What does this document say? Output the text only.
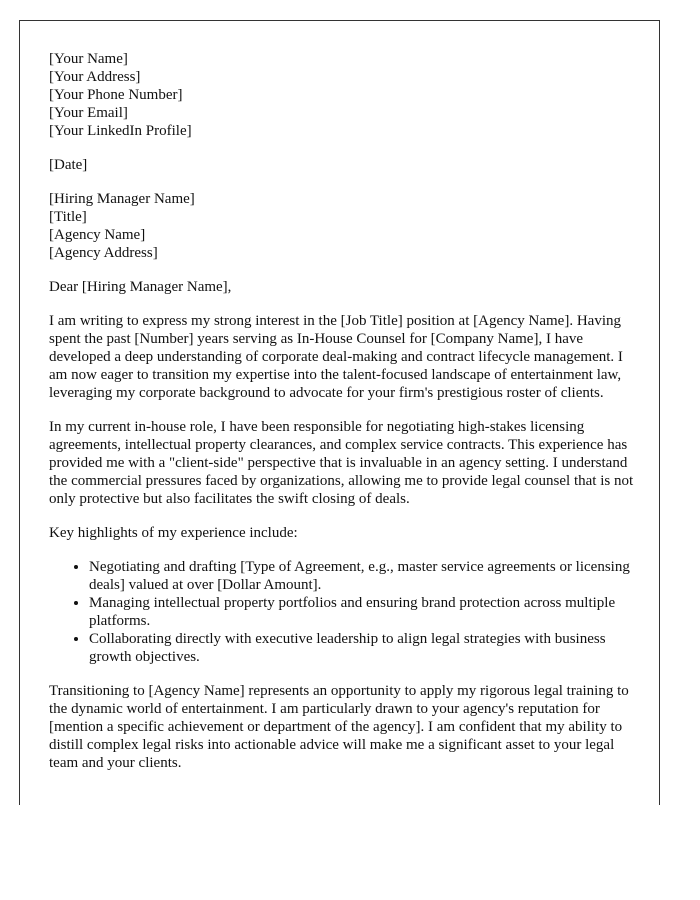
[Your Name]
[Your Address]
[Your Phone Number]
[Your Email]
[Your LinkedIn Profile]
[Date]
[Hiring Manager Name]
[Title]
[Agency Name]
[Agency Address]

Dear [Hiring Manager Name],

I am writing to express my strong interest in the [Job Title] position at [Agency Name]. Having spent the past [Number] years serving as In-House Counsel for [Company Name], I have developed a deep understanding of corporate deal-making and contract lifecycle management. I am now eager to transition my expertise into the talent-focused landscape of entertainment law, leveraging my corporate background to advocate for your firm's prestigious roster of clients.

In my current in-house role, I have been responsible for negotiating high-stakes licensing agreements, intellectual property clearances, and complex service contracts. This experience has provided me with a "client-side" perspective that is invaluable in an agency setting. I understand the commercial pressures faced by organizations, allowing me to provide legal counsel that is not only protective but also facilitates the swift closing of deals.

Key highlights of my experience include:

• Negotiating and drafting [Type of Agreement, e.g., master service agreements or licensing deals] valued at over [Dollar Amount].
• Managing intellectual property portfolios and ensuring brand protection across multiple platforms.
• Collaborating directly with executive leadership to align legal strategies with business growth objectives.

Transitioning to [Agency Name] represents an opportunity to apply my rigorous legal training to the dynamic world of entertainment. I am particularly drawn to your agency's reputation for [mention a specific achievement or department of the agency]. I am confident that my ability to distill complex legal risks into actionable advice will make me a significant asset to your legal team and your clients.
